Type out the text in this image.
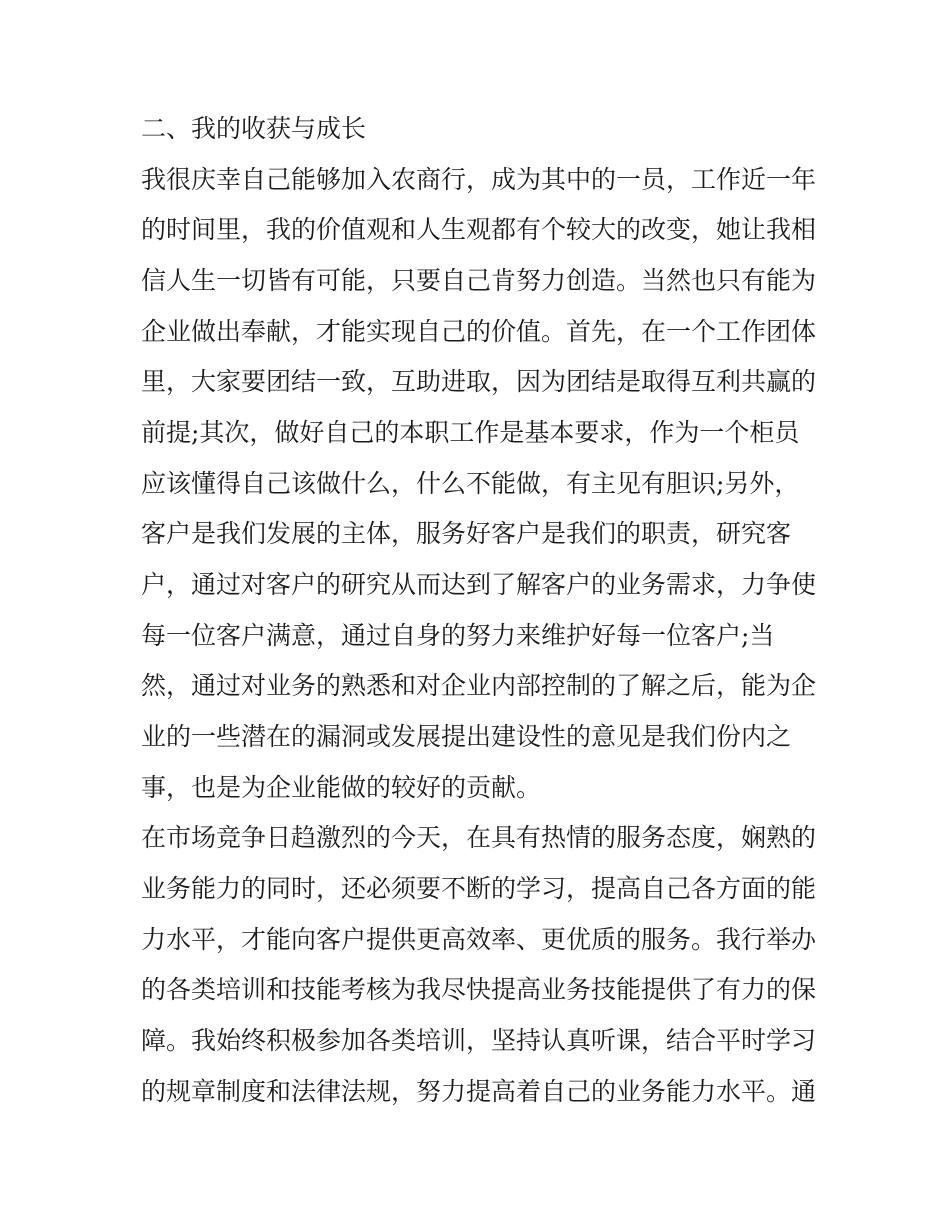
二、我的收获与成长
我很庆幸自己能够加入农商行，成为其中的一员，工作近一年
的时间里，我的价值观和人生观都有个较大的改变，她让我相
信人生一切皆有可能，只要自己肯努力创造。当然也只有能为
企业做出奉献，才能实现自己的价值。首先，在一个工作团体
里，大家要团结一致，互助进取，因为团结是取得互利共赢的
前提;其次，做好自己的本职工作是基本要求，作为一个柜员
应该懂得自己该做什么，什么不能做，有主见有胆识;另外，
客户是我们发展的主体，服务好客户是我们的职责，研究客
户，通过对客户的研究从而达到了解客户的业务需求，力争使
每一位客户满意，通过自身的努力来维护好每一位客户;当
然，通过对业务的熟悉和对企业内部控制的了解之后，能为企
业的一些潜在的漏洞或发展提出建设性的意见是我们份内之
事，也是为企业能做的较好的贡献。
在市场竞争日趋激烈的今天，在具有热情的服务态度，娴熟的
业务能力的同时，还必须要不断的学习，提高自己各方面的能
力水平，才能向客户提供更高效率、更优质的服务。我行举办
的各类培训和技能考核为我尽快提高业务技能提供了有力的保
障。我始终积极参加各类培训，坚持认真听课，结合平时学习
的规章制度和法律法规，努力提高着自己的业务能力水平。通
